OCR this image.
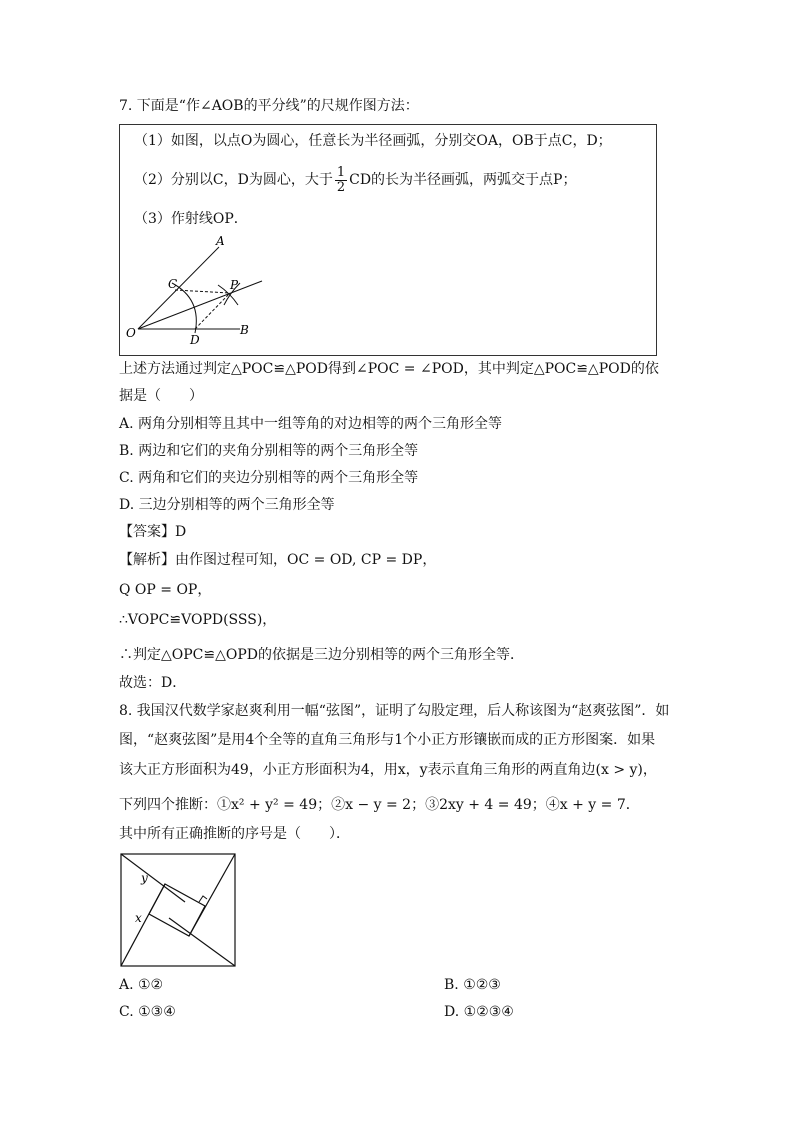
7. 下面是“作∠AOB的平分线”的尺规作图方法：
（1）如图，以点O为圆心，任意长为半径画弧，分别交OA，OB于点C，D；
（2）分别以C，D为圆心，大于 $\frac{1}{2}$ CD的长为半径画弧，两弧交于点P；
（3）作射线OP．
A
B
C
D
O
P
上述方法通过判定△POC≌△POD得到∠POC = ∠POD，其中判定△POC≌△POD的依
据是（　　）
A. 两角分别相等且其中一组等角的对边相等的两个三角形全等
B. 两边和它们的夹角分别相等的两个三角形全等
C. 两角和它们的夹边分别相等的两个三角形全等
D. 三边分别相等的两个三角形全等
【答案】D
【解析】由作图过程可知，OC = OD, CP = DP，
Q OP = OP，
∴VOPC≌VOPD(SSS)，
∴判定△OPC≌△OPD的依据是三边分别相等的两个三角形全等．
故选：D．
8. 我国汉代数学家赵爽利用一幅“弦图”，证明了勾股定理，后人称该图为“赵爽弦图”．如
图，“赵爽弦图”是用4个全等的直角三角形与1个小正方形镶嵌而成的正方形图案．如果
该大正方形面积为49，小正方形面积为4，用x，y表示直角三角形的两直角边(x > y)，
下列四个推断：①x² + y² = 49；②x − y = 2；③2xy + 4 = 49；④x + y = 7．
其中所有正确推断的序号是（　　）．
y
x
A. ①②	B. ①②③
C. ①③④	D. ①②③④
